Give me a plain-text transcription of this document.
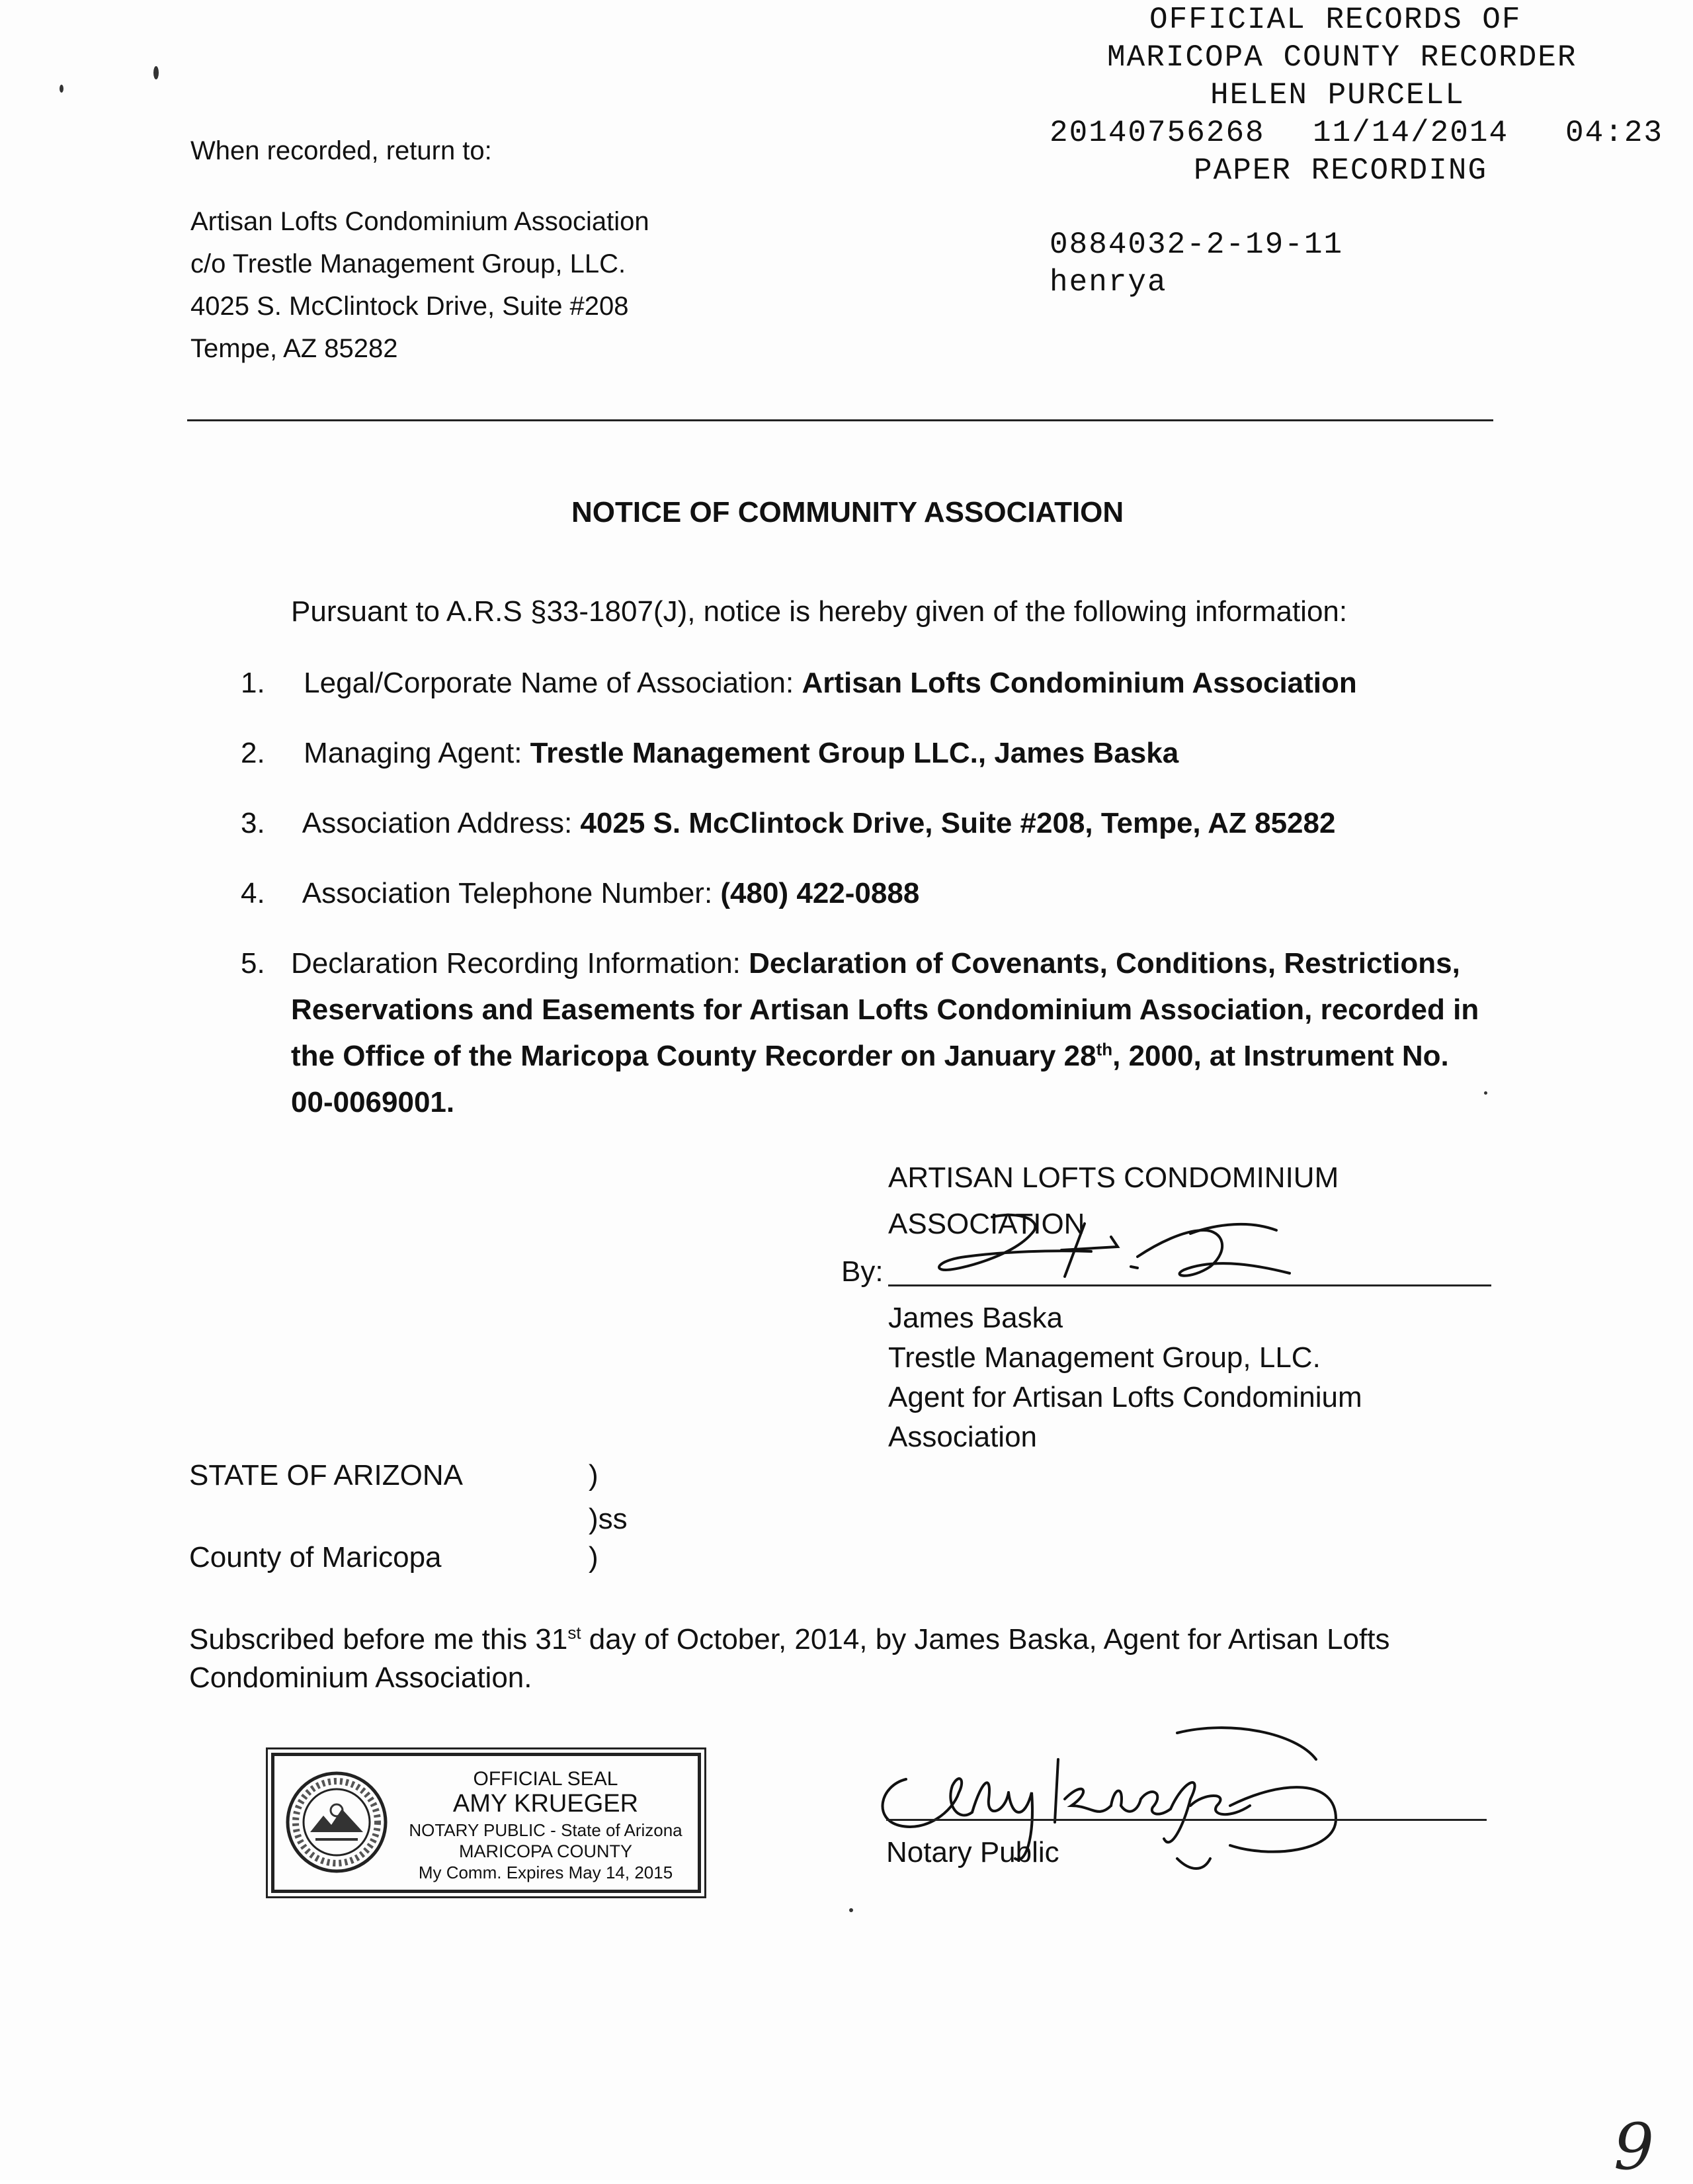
OFFICIAL RECORDS OF
MARICOPA COUNTY RECORDER
HELEN PURCELL
20140756268 11/14/2014 04:23
PAPER RECORDING
0884032-2-19-11
henrya
When recorded, return to:
Artisan Lofts Condominium Association
c/o Trestle Management Group, LLC.
4025 S. McClintock Drive, Suite #208
Tempe, AZ 85282
NOTICE OF COMMUNITY ASSOCIATION
Pursuant to A.R.S §33-1807(J), notice is hereby given of the following information:
1. Legal/Corporate Name of Association: Artisan Lofts Condominium Association
2. Managing Agent: Trestle Management Group LLC., James Baska
3. Association Address: 4025 S. McClintock Drive, Suite #208, Tempe, AZ 85282
4. Association Telephone Number: (480) 422-0888
5. Declaration Recording Information: Declaration of Covenants, Conditions, Restrictions,
Reservations and Easements for Artisan Lofts Condominium Association, recorded in
the Office of the Maricopa County Recorder on January 28th, 2000, at Instrument No.
00-0069001.
ARTISAN LOFTS CONDOMINIUM
ASSOCIATION
By:
James Baska
Trestle Management Group, LLC.
Agent for Artisan Lofts Condominium
Association
STATE OF ARIZONA	)
)ss
County of Maricopa	)
Subscribed before me this 31st day of October, 2014, by James Baska, Agent for Artisan Lofts
Condominium Association.
OFFICIAL SEAL
AMY KRUEGER
NOTARY PUBLIC - State of Arizona
MARICOPA COUNTY
My Comm. Expires May 14, 2015
Notary Public
9
